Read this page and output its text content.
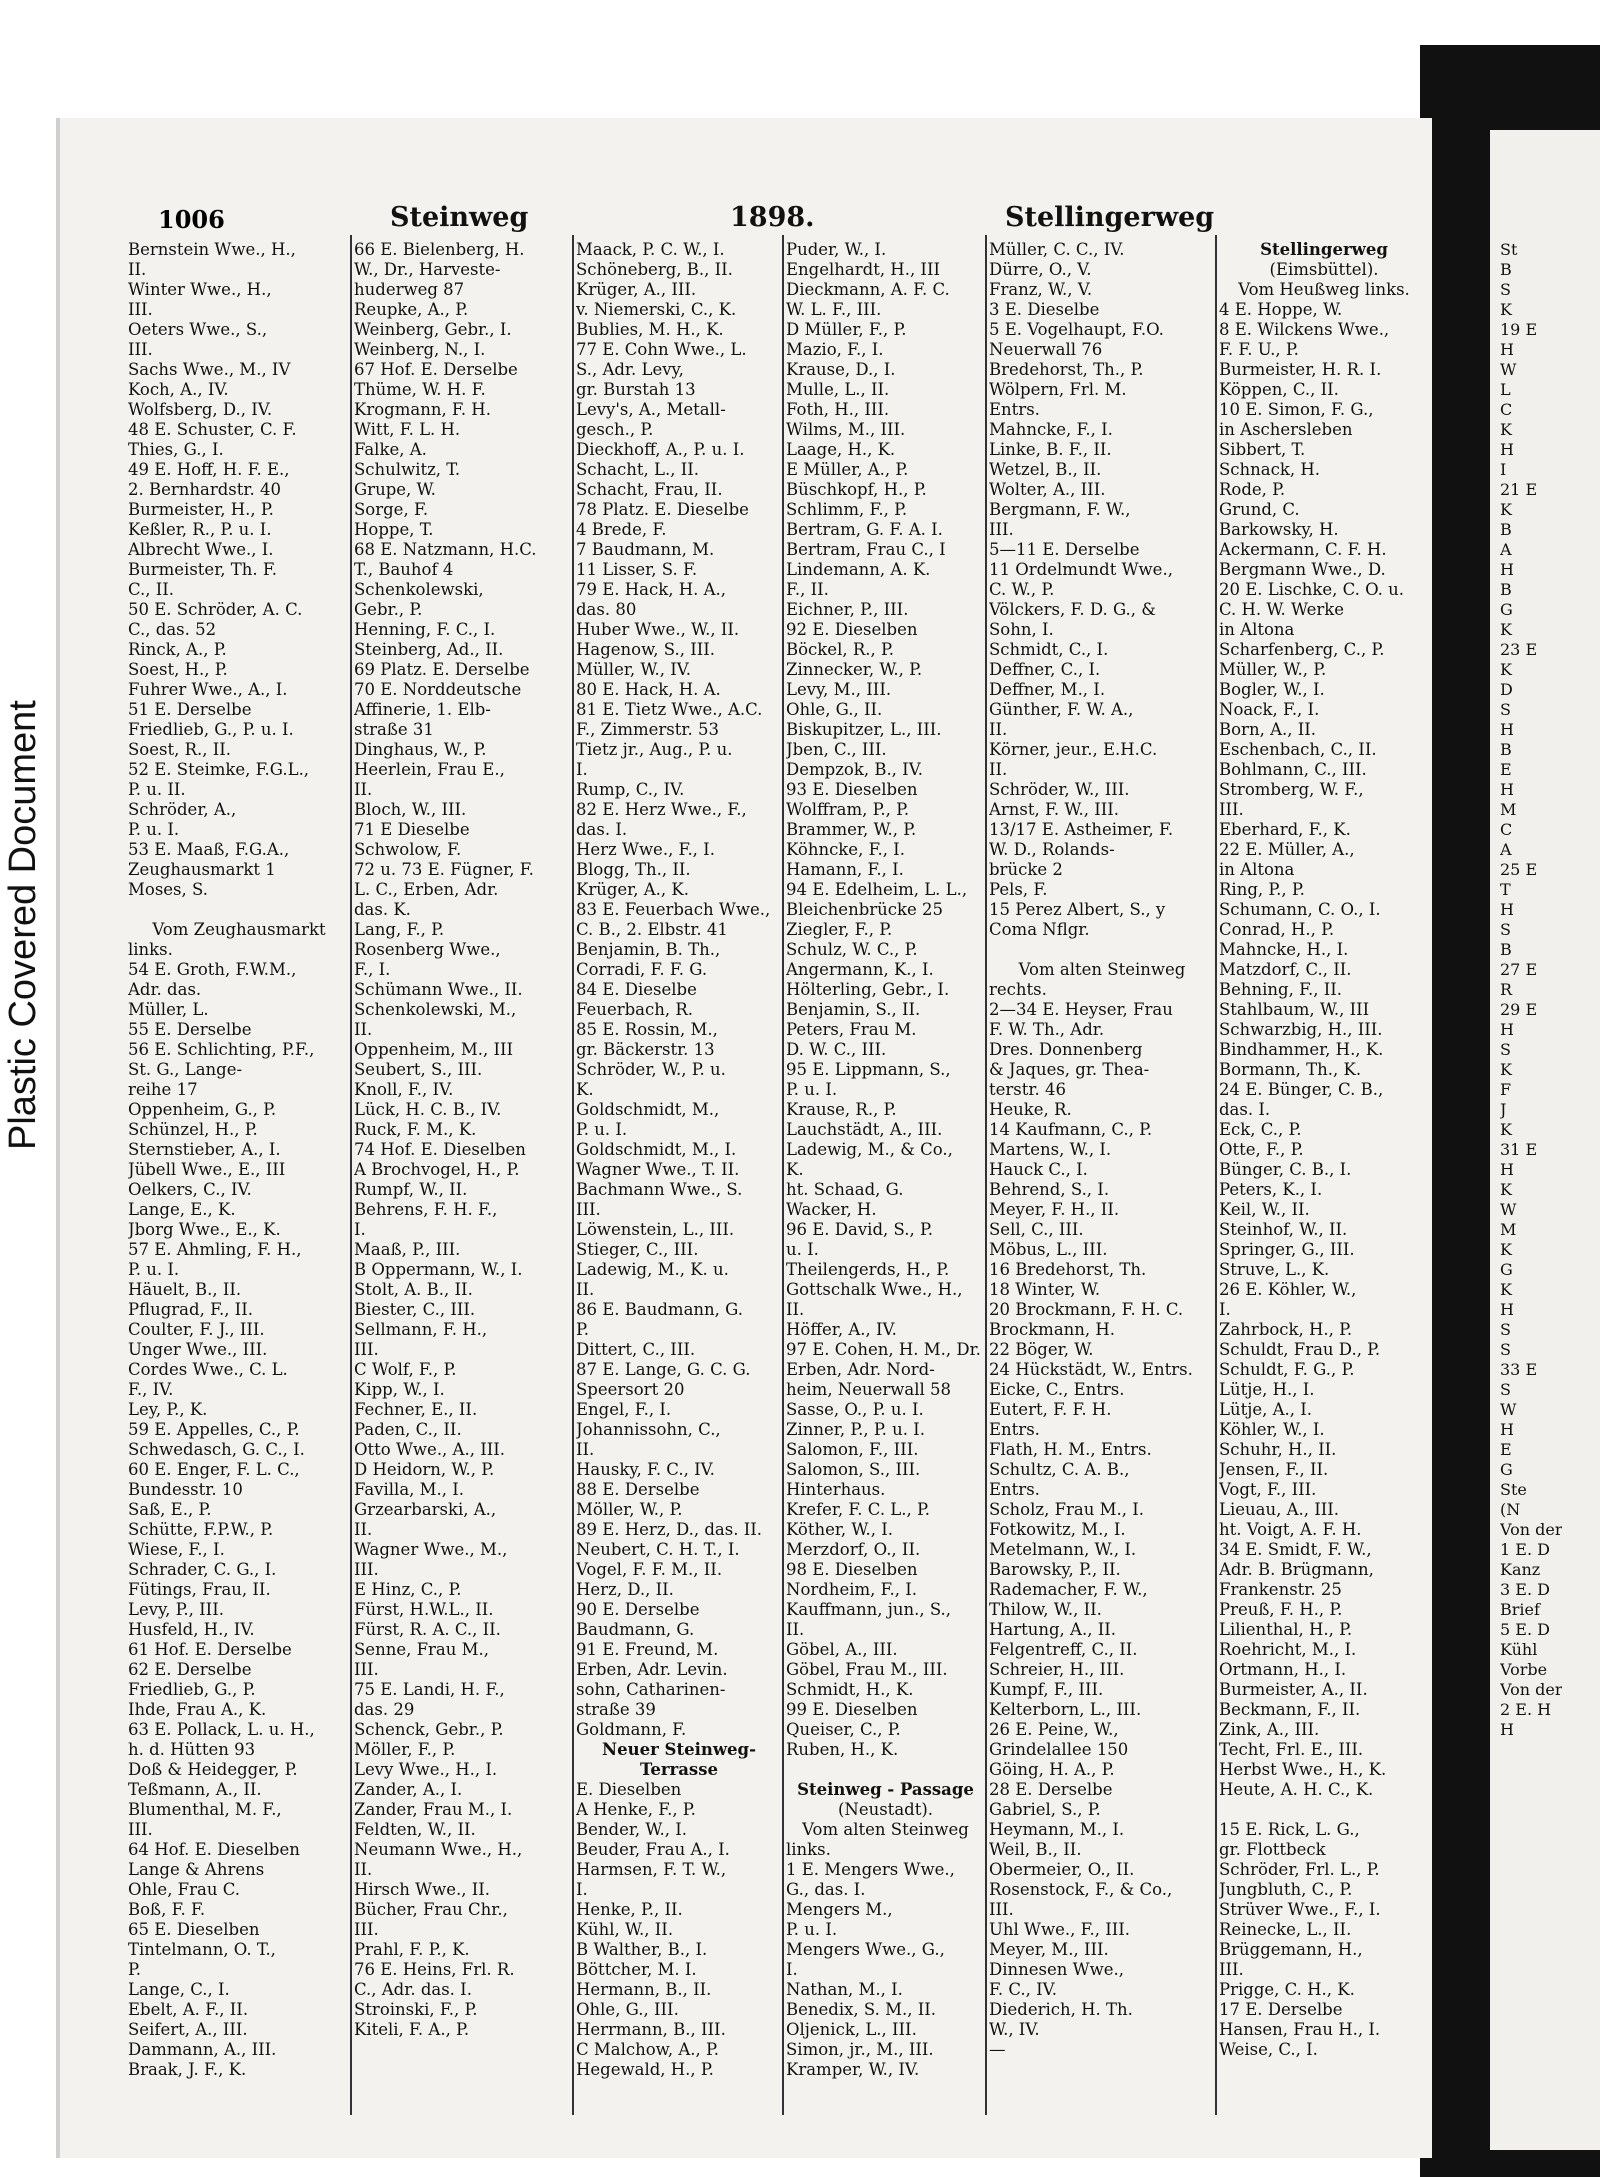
Plastic Covered Document
1006	Steinweg	1898.	Stellingerweg
Bernstein Wwe., H.,
II.
Winter Wwe., H.,
III.
Oeters Wwe., S.,
III.
Sachs Wwe., M., IV
Koch, A., IV.
Wolfsberg, D., IV.
48 E. Schuster, C. F.
Thies, G., I.
49 E. Hoff, H. F. E.,
2. Bernhardstr. 40
Burmeister, H., P.
Keßler, R., P. u. I.
Albrecht Wwe., I.
Burmeister, Th. F.
C., II.
50 E. Schröder, A. C.
C., das. 52
Rinck, A., P.
Soest, H., P.
Fuhrer Wwe., A., I.
51 E. Derselbe
Friedlieb, G., P. u. I.
Soest, R., II.
52 E. Steimke, F.G.L.,
P. u. II.
Schröder, A.,
P. u. I.
53 E. Maaß, F.G.A.,
Zeughausmarkt 1
Moses, S.
Vom Zeughausmarkt
links.
54 E. Groth, F.W.M.,
Adr. das.
Müller, L.
55 E. Derselbe
56 E. Schlichting, P.F.,
St. G., Lange-
reihe 17
Oppenheim, G., P.
Schünzel, H., P.
Sternstieber, A., I.
Jübell Wwe., E., III
Oelkers, C., IV.
Lange, E., K.
Jborg Wwe., E., K.
57 E. Ahmling, F. H.,
P. u. I.
Häuelt, B., II.
Pflugrad, F., II.
Coulter, F. J., III.
Unger Wwe., III.
Cordes Wwe., C. L.
F., IV.
Ley, P., K.
59 E. Appelles, C., P.
Schwedasch, G. C., I.
60 E. Enger, F. L. C.,
Bundesstr. 10
Saß, E., P.
Schütte, F.P.W., P.
Wiese, F., I.
Schrader, C. G., I.
Fütings, Frau, II.
Levy, P., III.
Husfeld, H., IV.
61 Hof. E. Derselbe
62 E. Derselbe
Friedlieb, G., P.
Ihde, Frau A., K.
63 E. Pollack, L. u. H.,
h. d. Hütten 93
Doß & Heidegger, P.
Teßmann, A., II.
Blumenthal, M. F.,
III.
64 Hof. E. Dieselben
Lange & Ahrens
Ohle, Frau C.
Boß, F. F.
65 E. Dieselben
Tintelmann, O. T.,
P.
Lange, C., I.
Ebelt, A. F., II.
Seifert, A., III.
Dammann, A., III.
Braak, J. F., K.
66 E. Bielenberg, H.
W., Dr., Harveste-
huderweg 87
Reupke, A., P.
Weinberg, Gebr., I.
Weinberg, N., I.
67 Hof. E. Derselbe
Thüme, W. H. F.
Krogmann, F. H.
Witt, F. L. H.
Falke, A.
Schulwitz, T.
Grupe, W.
Sorge, F.
Hoppe, T.
68 E. Natzmann, H.C.
T., Bauhof 4
Schenkolewski,
Gebr., P.
Henning, F. C., I.
Steinberg, Ad., II.
69 Platz. E. Derselbe
70 E. Norddeutsche
Affinerie, 1. Elb-
straße 31
Dinghaus, W., P.
Heerlein, Frau E.,
II.
Bloch, W., III.
71 E Dieselbe
Schwolow, F.
72 u. 73 E. Fügner, F.
L. C., Erben, Adr.
das. K.
Lang, F., P.
Rosenberg Wwe.,
F., I.
Schümann Wwe., II.
Schenkolewski, M.,
II.
Oppenheim, M., III
Seubert, S., III.
Knoll, F., IV.
Lück, H. C. B., IV.
Ruck, F. M., K.
74 Hof. E. Dieselben
A Brochvogel, H., P.
Rumpf, W., II.
Behrens, F. H. F.,
I.
Maaß, P., III.
B Oppermann, W., I.
Stolt, A. B., II.
Biester, C., III.
Sellmann, F. H.,
III.
C Wolf, F., P.
Kipp, W., I.
Fechner, E., II.
Paden, C., II.
Otto Wwe., A., III.
D Heidorn, W., P.
Favilla, M., I.
Grzearbarski, A.,
II.
Wagner Wwe., M.,
III.
E Hinz, C., P.
Fürst, H.W.L., II.
Fürst, R. A. C., II.
Senne, Frau M.,
III.
75 E. Landi, H. F.,
das. 29
Schenck, Gebr., P.
Möller, F., P.
Levy Wwe., H., I.
Zander, A., I.
Zander, Frau M., I.
Feldten, W., II.
Neumann Wwe., H.,
II.
Hirsch Wwe., II.
Bücher, Frau Chr.,
III.
Prahl, F. P., K.
76 E. Heins, Frl. R.
C., Adr. das. I.
Stroinski, F., P.
Kiteli, F. A., P.
Maack, P. C. W., I.
Schöneberg, B., II.
Krüger, A., III.
v. Niemerski, C., K.
Bublies, M. H., K.
77 E. Cohn Wwe., L.
S., Adr. Levy,
gr. Burstah 13
Levy's, A., Metall-
gesch., P.
Dieckhoff, A., P. u. I.
Schacht, L., II.
Schacht, Frau, II.
78 Platz. E. Dieselbe
4 Brede, F.
7 Baudmann, M.
11 Lisser, S. F.
79 E. Hack, H. A.,
das. 80
Huber Wwe., W., II.
Hagenow, S., III.
Müller, W., IV.
80 E. Hack, H. A.
81 E. Tietz Wwe., A.C.
F., Zimmerstr. 53
Tietz jr., Aug., P. u.
I.
Rump, C., IV.
82 E. Herz Wwe., F.,
das. I.
Herz Wwe., F., I.
Blogg, Th., II.
Krüger, A., K.
83 E. Feuerbach Wwe.,
C. B., 2. Elbstr. 41
Benjamin, B. Th.,
Corradi, F. F. G.
84 E. Dieselbe
Feuerbach, R.
85 E. Rossin, M.,
gr. Bäckerstr. 13
Schröder, W., P. u.
K.
Goldschmidt, M.,
P. u. I.
Goldschmidt, M., I.
Wagner Wwe., T. II.
Bachmann Wwe., S.
III.
Löwenstein, L., III.
Stieger, C., III.
Ladewig, M., K. u.
II.
86 E. Baudmann, G.
P.
Dittert, C., III.
87 E. Lange, G. C. G.
Speersort 20
Engel, F., I.
Johannissohn, C.,
II.
Hausky, F. C., IV.
88 E. Derselbe
Möller, W., P.
89 E. Herz, D., das. II.
Neubert, C. H. T., I.
Vogel, F. F. M., II.
Herz, D., II.
90 E. Derselbe
Baudmann, G.
91 E. Freund, M.
Erben, Adr. Levin.
sohn, Catharinen-
straße 39
Goldmann, F.
Neuer Steinweg-
Terrasse
E. Dieselben
A Henke, F., P.
Bender, W., I.
Beuder, Frau A., I.
Harmsen, F. T. W.,
I.
Henke, P., II.
Kühl, W., II.
B Walther, B., I.
Böttcher, M. I.
Hermann, B., II.
Ohle, G., III.
Herrmann, B., III.
C Malchow, A., P.
Hegewald, H., P.
Puder, W., I.
Engelhardt, H., III
Dieckmann, A. F. C.
W. L. F., III.
D Müller, F., P.
Mazio, F., I.
Krause, D., I.
Mulle, L., II.
Foth, H., III.
Wilms, M., III.
Laage, H., K.
E Müller, A., P.
Büschkopf, H., P.
Schlimm, F., P.
Bertram, G. F. A. I.
Bertram, Frau C., I
Lindemann, A. K.
F., II.
Eichner, P., III.
92 E. Dieselben
Böckel, R., P.
Zinnecker, W., P.
Levy, M., III.
Ohle, G., II.
Biskupitzer, L., III.
Jben, C., III.
Dempzok, B., IV.
93 E. Dieselben
Wolffram, P., P.
Brammer, W., P.
Köhncke, F., I.
Hamann, F., I.
94 E. Edelheim, L. L.,
Bleichenbrücke 25
Ziegler, F., P.
Schulz, W. C., P.
Angermann, K., I.
Hölterling, Gebr., I.
Benjamin, S., II.
Peters, Frau M.
D. W. C., III.
95 E. Lippmann, S.,
P. u. I.
Krause, R., P.
Lauchstädt, A., III.
Ladewig, M., & Co.,
K.
ht. Schaad, G.
Wacker, H.
96 E. David, S., P.
u. I.
Theilengerds, H., P.
Gottschalk Wwe., H.,
II.
Höffer, A., IV.
97 E. Cohen, H. M., Dr.
Erben, Adr. Nord-
heim, Neuerwall 58
Sasse, O., P. u. I.
Zinner, P., P. u. I.
Salomon, F., III.
Salomon, S., III.
Hinterhaus.
Krefer, F. C. L., P.
Köther, W., I.
Merzdorf, O., II.
98 E. Dieselben
Nordheim, F., I.
Kauffmann, jun., S.,
II.
Göbel, A., III.
Göbel, Frau M., III.
Schmidt, H., K.
99 E. Dieselben
Queiser, C., P.
Ruben, H., K.
Steinweg - Passage
(Neustadt).
Vom alten Steinweg
links.
1 E. Mengers Wwe.,
G., das. I.
Mengers M.,
P. u. I.
Mengers Wwe., G.,
I.
Nathan, M., I.
Benedix, S. M., II.
Oljenick, L., III.
Simon, jr., M., III.
Kramper, W., IV.
Müller, C. C., IV.
Dürre, O., V.
Franz, W., V.
3 E. Dieselbe
5 E. Vogelhaupt, F.O.
Neuerwall 76
Bredehorst, Th., P.
Wölpern, Frl. M.
Entrs.
Mahncke, F., I.
Linke, B. F., II.
Wetzel, B., II.
Wolter, A., III.
Bergmann, F. W.,
III.
5—11 E. Derselbe
11 Ordelmundt Wwe.,
C. W., P.
Völckers, F. D. G., &
Sohn, I.
Schmidt, C., I.
Deffner, C., I.
Deffner, M., I.
Günther, F. W. A.,
II.
Körner, jeur., E.H.C.
II.
Schröder, W., III.
Arnst, F. W., III.
13/17 E. Astheimer, F.
W. D., Rolands-
brücke 2
Pels, F.
15 Perez Albert, S., y
Coma Nflgr.
Vom alten Steinweg
rechts.
2—34 E. Heyser, Frau
F. W. Th., Adr.
Dres. Donnenberg
& Jaques, gr. Thea-
terstr. 46
Heuke, R.
14 Kaufmann, C., P.
Martens, W., I.
Hauck C., I.
Behrend, S., I.
Meyer, F. H., II.
Sell, C., III.
Möbus, L., III.
16 Bredehorst, Th.
18 Winter, W.
20 Brockmann, F. H. C.
Brockmann, H.
22 Böger, W.
24 Hückstädt, W., Entrs.
Eicke, C., Entrs.
Eutert, F. F. H.
Entrs.
Flath, H. M., Entrs.
Schultz, C. A. B.,
Entrs.
Scholz, Frau M., I.
Fotkowitz, M., I.
Metelmann, W., I.
Barowsky, P., II.
Rademacher, F. W.,
Thilow, W., II.
Hartung, A., II.
Felgentreff, C., II.
Schreier, H., III.
Kumpf, F., III.
Kelterborn, L., III.
26 E. Peine, W.,
Grindelallee 150
Göing, H. A., P.
28 E. Derselbe
Gabriel, S., P.
Heymann, M., I.
Weil, B., II.
Obermeier, O., II.
Rosenstock, F., & Co.,
III.
Uhl Wwe., F., III.
Meyer, M., III.
Dinnesen Wwe.,
F. C., IV.
Diederich, H. Th.
W., IV.
—
Stellingerweg
(Eimsbüttel).
Vom Heußweg links.
4 E. Hoppe, W.
8 E. Wilckens Wwe.,
F. F. U., P.
Burmeister, H. R. I.
Köppen, C., II.
10 E. Simon, F. G.,
in Aschersleben
Sibbert, T.
Schnack, H.
Rode, P.
Grund, C.
Barkowsky, H.
Ackermann, C. F. H.
Bergmann Wwe., D.
20 E. Lischke, C. O. u.
C. H. W. Werke
in Altona
Scharfenberg, C., P.
Müller, W., P.
Bogler, W., I.
Noack, F., I.
Born, A., II.
Eschenbach, C., II.
Bohlmann, C., III.
Stromberg, W. F.,
III.
Eberhard, F., K.
22 E. Müller, A.,
in Altona
Ring, P., P.
Schumann, C. O., I.
Conrad, H., P.
Mahncke, H., I.
Matzdorf, C., II.
Behning, F., II.
Stahlbaum, W., III
Schwarzbig, H., III.
Bindhammer, H., K.
Bormann, Th., K.
24 E. Bünger, C. B.,
das. I.
Eck, C., P.
Otte, F., P.
Bünger, C. B., I.
Peters, K., I.
Keil, W., II.
Steinhof, W., II.
Springer, G., III.
Struve, L., K.
26 E. Köhler, W.,
I.
Zahrbock, H., P.
Schuldt, Frau D., P.
Schuldt, F. G., P.
Lütje, H., I.
Lütje, A., I.
Köhler, W., I.
Schuhr, H., II.
Jensen, F., II.
Vogt, F., III.
Lieuau, A., III.
ht. Voigt, A. F. H.
34 E. Smidt, F. W.,
Adr. B. Brügmann,
Frankenstr. 25
Preuß, F. H., P.
Lilienthal, H., P.
Roehricht, M., I.
Ortmann, H., I.
Burmeister, A., II.
Beckmann, F., II.
Zink, A., III.
Techt, Frl. E., III.
Herbst Wwe., H., K.
Heute, A. H. C., K.
15 E. Rick, L. G.,
gr. Flottbeck
Schröder, Frl. L., P.
Jungbluth, C., P.
Strüver Wwe., F., I.
Reinecke, L., II.
Brüggemann, H.,
III.
Prigge, C. H., K.
17 E. Derselbe
Hansen, Frau H., I.
Weise, C., I.
St
B
S
K
19 E
H
W
L
C
K
H
I
21 E
K
B
A
H
B
G
K
23 E
K
D
S
H
B
E
H
M
C
A
25 E
T
H
S
B
27 E
R
29 E
H
S
K
F
J
K
31 E
H
K
W
M
K
G
K
H
S
S
33 E
S
W
H
E
G
Ste
(N
Von der
1 E. D
Kanz
3 E. D
Brief
5 E. D
Kühl
Vorbe
Von der
2 E. H
H
